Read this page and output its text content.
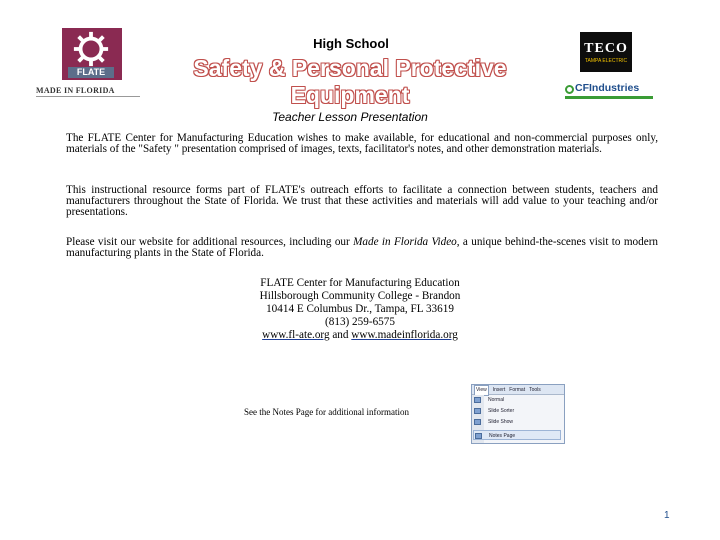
FLATE
MADE IN FLORIDA
High School
Safety & Personal Protective
Equipment
Teacher Lesson Presentation
TECO
TAMPA ELECTRIC
CFIndustries
The FLATE Center for Manufacturing Education wishes to make available, for educational and non-commercial purposes only, materials of the "Safety " presentation comprised of images, texts, facilitator's notes, and other demonstration materials.
This instructional resource forms part of FLATE's outreach efforts to facilitate a connection between students, teachers and manufacturers throughout the State of Florida. We trust that these activities and materials will add value to your teaching and/or presentations.
Please visit our website for additional resources, including our Made in Florida Video, a unique behind-the-scenes visit to modern manufacturing plants in the State of Florida.
FLATE Center for Manufacturing Education
Hillsborough Community College - Brandon
10414 E Columbus Dr., Tampa, FL 33619
(813) 259-6575
www.fl-ate.org and www.madeinflorida.org
See the Notes Page for additional information
View Insert Format Tools
Normal
Slide Sorter
Slide Show
Notes Page
1
